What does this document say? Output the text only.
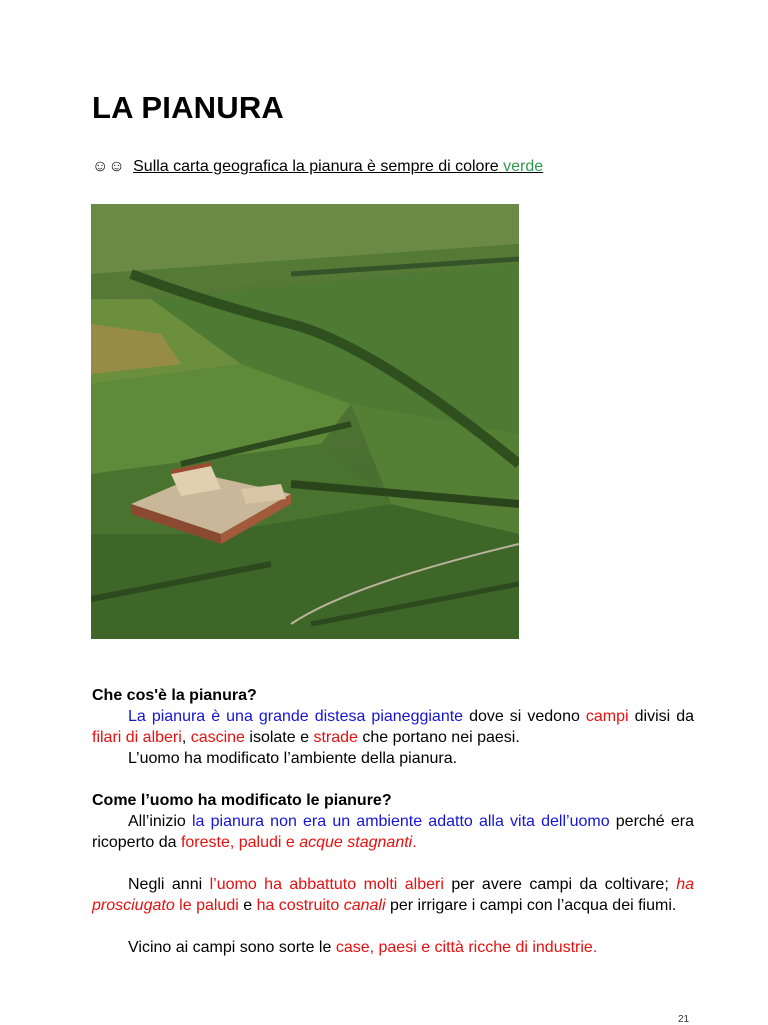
LA PIANURA
☺☺ Sulla carta geografica la pianura è sempre di colore verde

Che cos'è la pianura?

La pianura è una grande distesa pianeggiante dove si vedono campi divisi da filari di alberi, cascine isolate e strade che portano nei paesi.

L’uomo ha modificato l’ambiente della pianura.

Come l’uomo ha modificato le pianure?

All’inizio la pianura non era un ambiente adatto alla vita dell’uomo perché era ricoperto da foreste, paludi e acque stagnanti.

Negli anni l’uomo ha abbattuto molti alberi per avere campi da coltivare; ha prosciugato le paludi e ha costruito canali per irrigare i campi con l’acqua dei fiumi.

Vicino ai campi sono sorte le case, paesi e città ricche di industrie.

21
